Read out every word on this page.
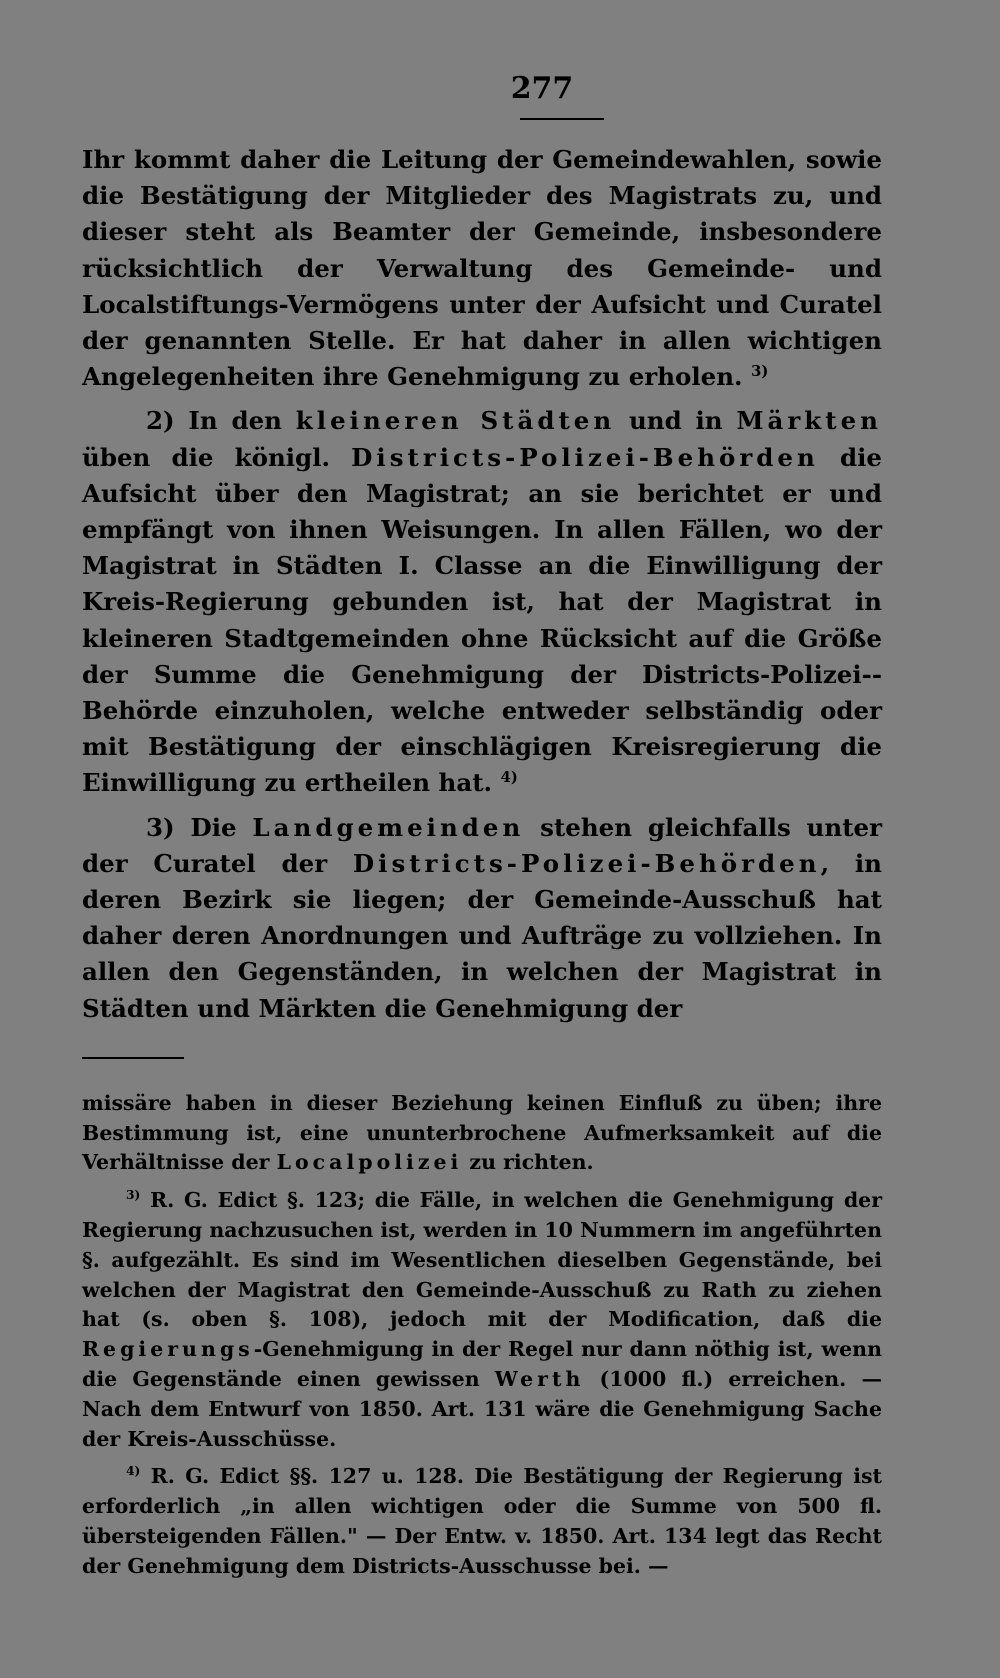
277

Ihr kommt daher die Leitung der Gemeindewahlen, sowie die Bestätigung der Mitglieder des Magistrats zu, und dieser steht als Beamter der Gemeinde, insbesondere rücksichtlich der Verwaltung des Gemeinde- und Localstiftungs-Vermögens unter der Aufsicht und Curatel der genannten Stelle. Er hat daher in allen wichtigen Angelegenheiten ihre Genehmigung zu erholen. $^{3)}$

2) In den kleineren Städten und in Märkten üben die königl. Districts-Polizei-Behörden die Aufsicht über den Magistrat; an sie berichtet er und empfängt von ihnen Weisungen. In allen Fällen, wo der Magistrat in Städten I. Classe an die Einwilligung der Kreis-Regierung gebunden ist, hat der Magistrat in kleineren Stadtgemeinden ohne Rücksicht auf die Größe der Summe die Genehmigung der Districts-Polizei--Behörde einzuholen, welche entweder selbständig oder mit Bestätigung der einschlägigen Kreisregierung die Einwilligung zu ertheilen hat. $^{4)}$

3) Die Landgemeinden stehen gleichfalls unter der Curatel der Districts-Polizei-Behörden, in deren Bezirk sie liegen; der Gemeinde-Ausschuß hat daher deren Anordnungen und Aufträge zu vollziehen. In allen den Gegenständen, in welchen der Magistrat in Städten und Märkten die Genehmigung der

missäre haben in dieser Beziehung keinen Einfluß zu üben; ihre Bestimmung ist, eine ununterbrochene Aufmerksamkeit auf die Verhältnisse der Localpolizei zu richten.

$^{3)}$ R. G. Edict §. 123; die Fälle, in welchen die Genehmigung der Regierung nachzusuchen ist, werden in 10 Nummern im angeführten §. aufgezählt. Es sind im Wesentlichen dieselben Gegenstände, bei welchen der Magistrat den Gemeinde-Ausschuß zu Rath zu ziehen hat (s. oben §. 108), jedoch mit der Modification, daß die Regierungs-Genehmigung in der Regel nur dann nöthig ist, wenn die Gegenstände einen gewissen Werth (1000 fl.) erreichen. — Nach dem Entwurf von 1850. Art. 131 wäre die Genehmigung Sache der Kreis-Ausschüsse.

$^{4)}$ R. G. Edict §§. 127 u. 128. Die Bestätigung der Regierung ist erforderlich „in allen wichtigen oder die Summe von 500 fl. übersteigenden Fällen." — Der Entw. v. 1850. Art. 134 legt das Recht der Genehmigung dem Districts-Ausschusse bei. —
